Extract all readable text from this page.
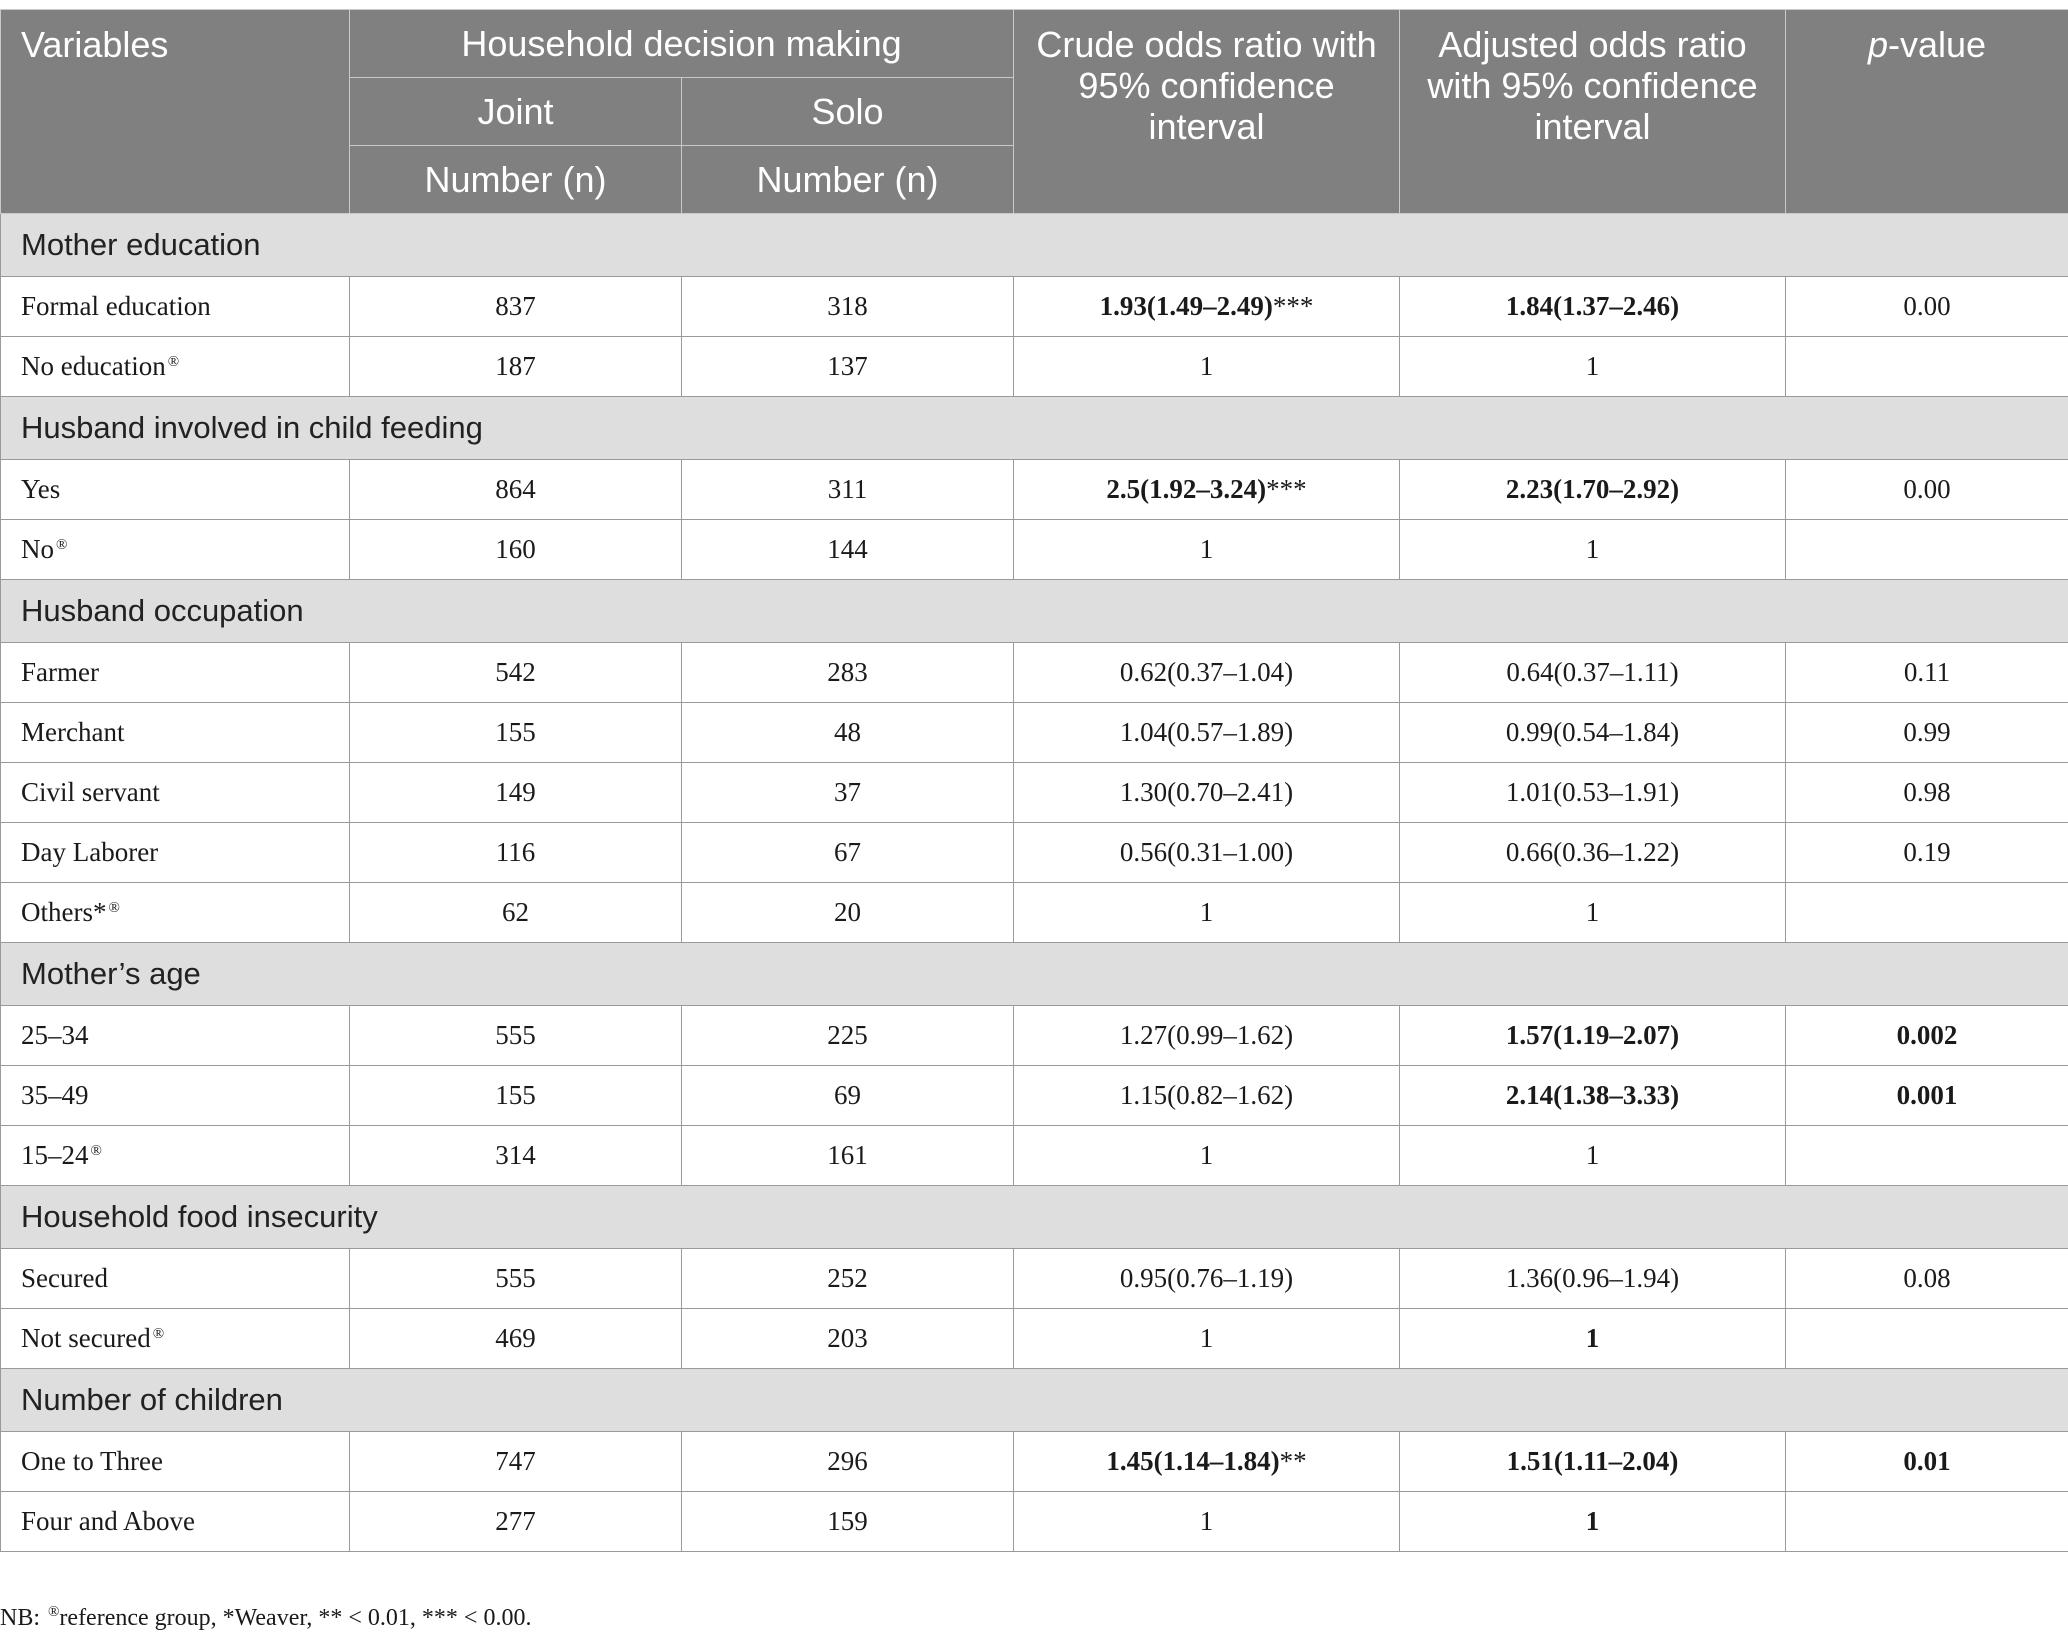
Variables	Household decision making		Crude odds ratio with 95% confidence interval	Adjusted odds ratio with 95% confidence interval	p-value
	Joint	Solo			
	Number (n)	Number (n)			
Mother education					
Formal education	837	318	1.93(1.49–2.49)***	1.84(1.37–2.46)	0.00
No education ®	187	137	1	1	
Husband involved in child feeding					
Yes	864	311	2.5(1.92–3.24)***	2.23(1.70–2.92)	0.00
No ®	160	144	1	1	
Husband occupation					
Farmer	542	283	0.62(0.37–1.04)	0.64(0.37–1.11)	0.11
Merchant	155	48	1.04(0.57–1.89)	0.99(0.54–1.84)	0.99
Civil servant	149	37	1.30(0.70–2.41)	1.01(0.53–1.91)	0.98
Day Laborer	116	67	0.56(0.31–1.00)	0.66(0.36–1.22)	0.19
Others* ®	62	20	1	1	
Mother’s age					
25–34	555	225	1.27(0.99–1.62)	1.57(1.19–2.07)	0.002
35–49	155	69	1.15(0.82–1.62)	2.14(1.38–3.33)	0.001
15–24 ®	314	161	1	1	
Household food insecurity					
Secured	555	252	0.95(0.76–1.19)	1.36(0.96–1.94)	0.08
Not secured ®	469	203	1	1	
Number of children					
One to Three	747	296	1.45(1.14–1.84)**	1.51(1.11–2.04)	0.01
Four and Above	277	159	1	1	
NB: ®reference group, *Weaver, ** < 0.01, *** < 0.00.
